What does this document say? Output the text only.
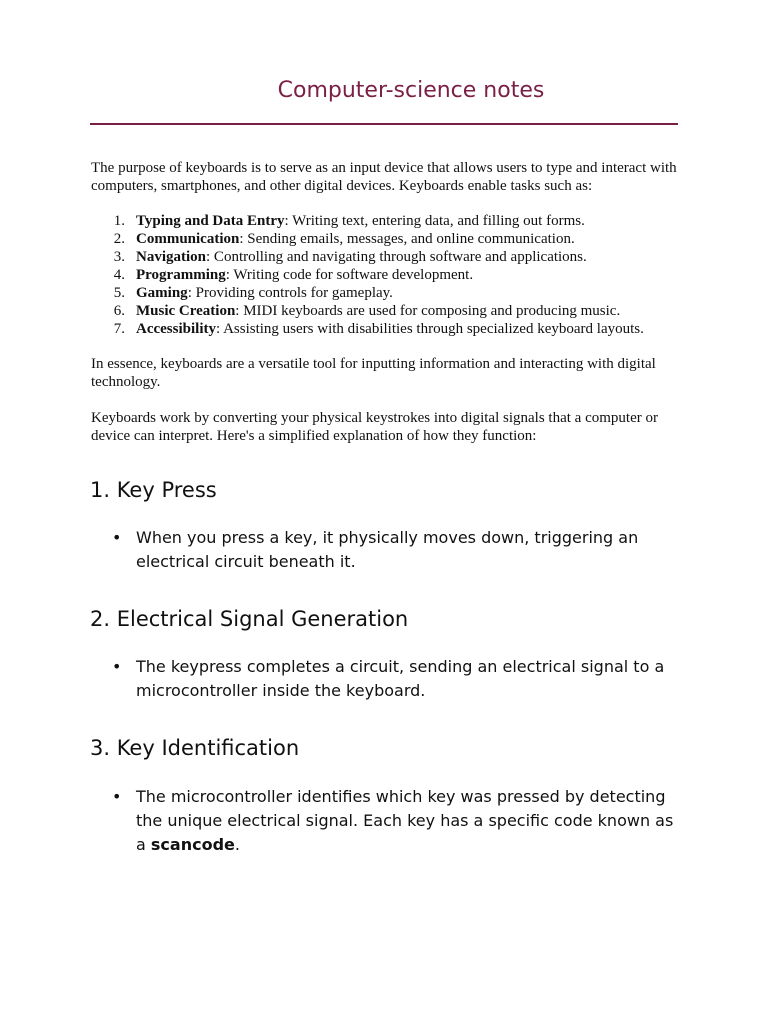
Computer-science notes

The purpose of keyboards is to serve as an input device that allows users to type and interact with computers, smartphones, and other digital devices. Keyboards enable tasks such as:

1. Typing and Data Entry: Writing text, entering data, and filling out forms.
2. Communication: Sending emails, messages, and online communication.
3. Navigation: Controlling and navigating through software and applications.
4. Programming: Writing code for software development.
5. Gaming: Providing controls for gameplay.
6. Music Creation: MIDI keyboards are used for composing and producing music.
7. Accessibility: Assisting users with disabilities through specialized keyboard layouts.

In essence, keyboards are a versatile tool for inputting information and interacting with digital technology.

Keyboards work by converting your physical keystrokes into digital signals that a computer or device can interpret. Here's a simplified explanation of how they function:

1. Key Press
• When you press a key, it physically moves down, triggering an electrical circuit beneath it.
2. Electrical Signal Generation
• The keypress completes a circuit, sending an electrical signal to a microcontroller inside the keyboard.
3. Key Identification
• The microcontroller identifies which key was pressed by detecting the unique electrical signal. Each key has a specific code known as a scancode.
